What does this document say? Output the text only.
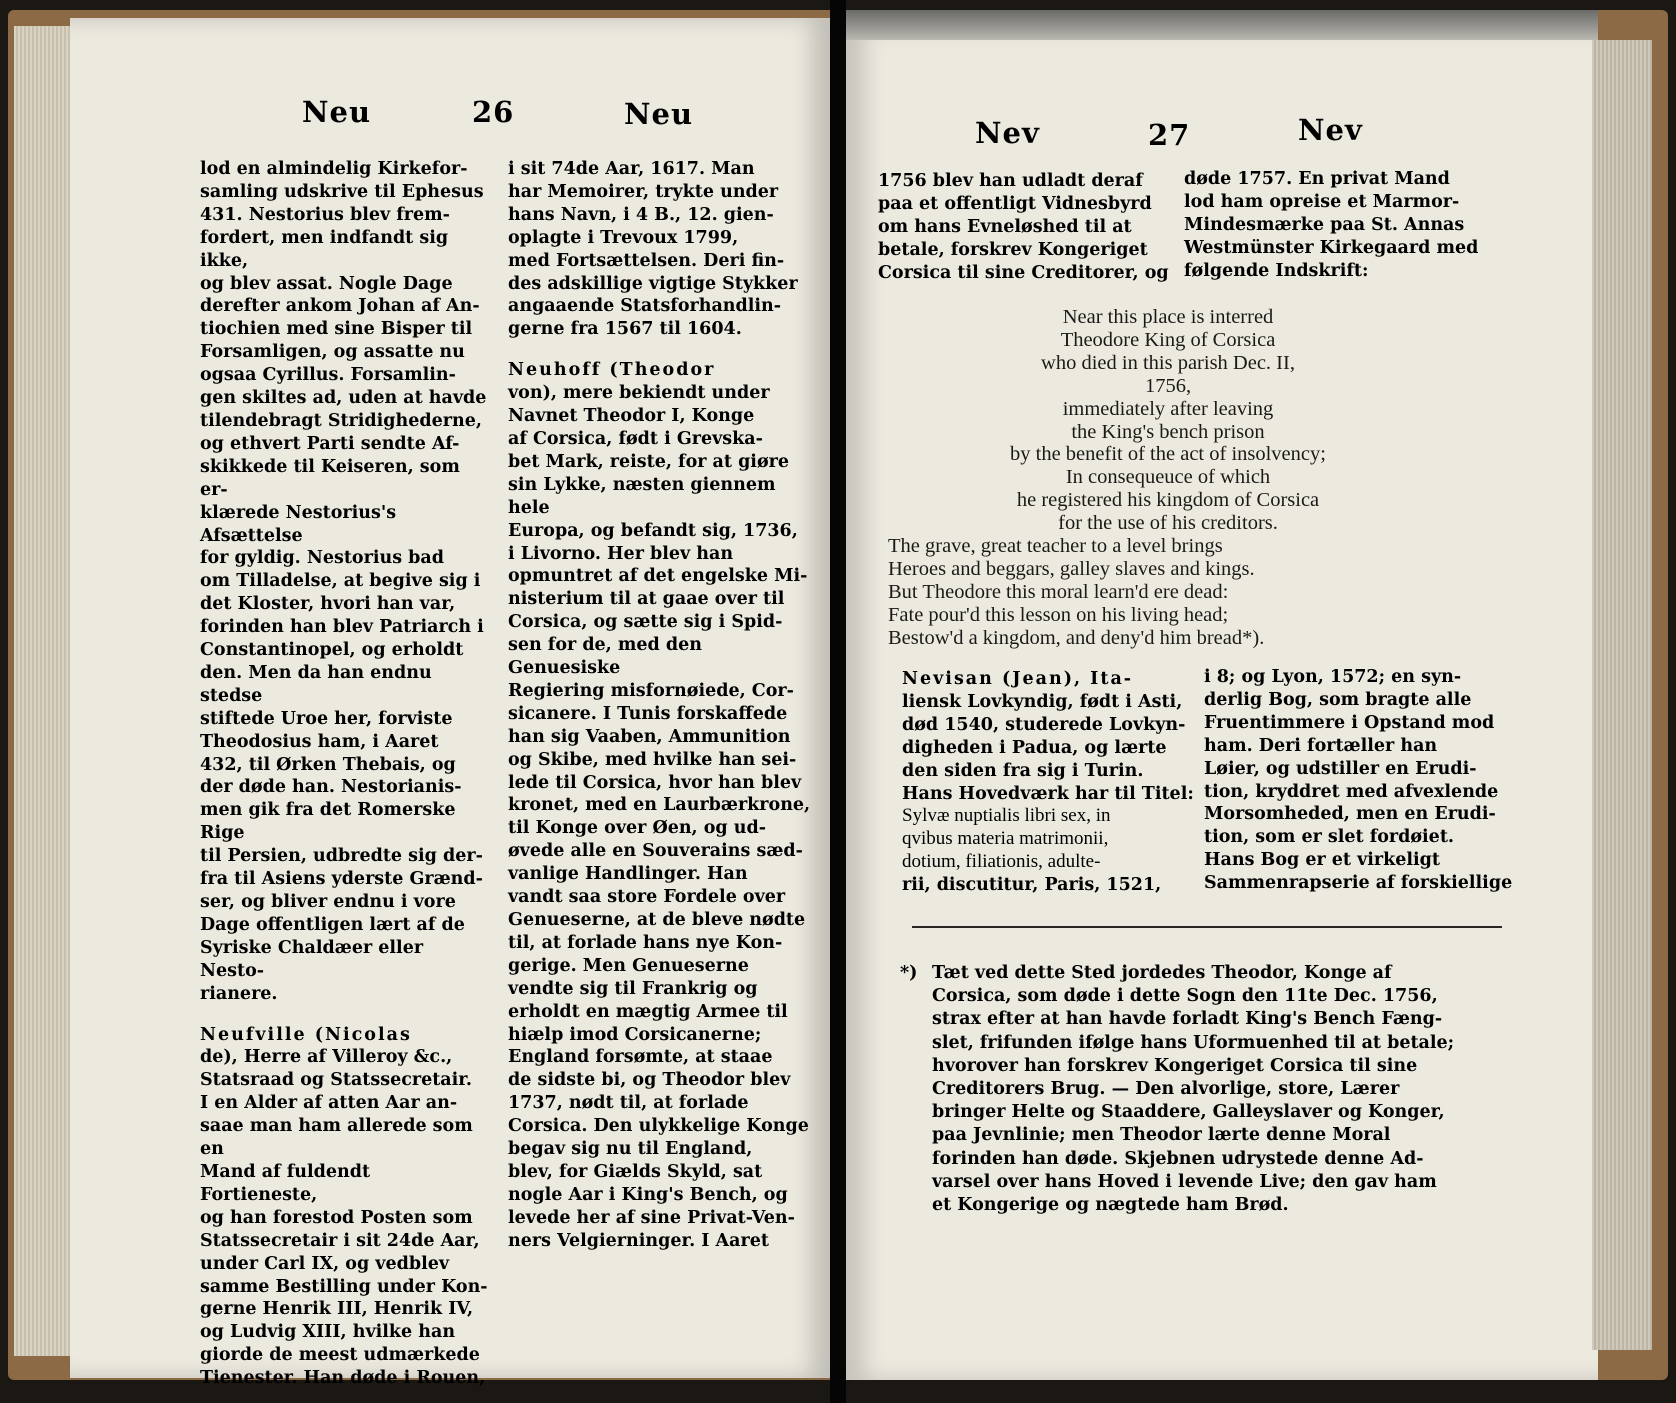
Neu	26	Neu

lod en almindelig Kirkefor-

samling udskrive til Ephesus

431. Nestorius blev frem-

fordert, men indfandt sig ikke,

og blev assat. Nogle Dage

derefter ankom Johan af An-

tiochien med sine Bisper til

Forsamligen, og assatte nu

ogsaa Cyrillus. Forsamlin-

gen skiltes ad, uden at havde

tilendebragt Stridighederne,

og ethvert Parti sendte Af-

skikkede til Keiseren, som er-

klærede Nestorius's Afsættelse

for gyldig. Nestorius bad

om Tilladelse, at begive sig i

det Kloster, hvori han var,

forinden han blev Patriarch i

Constantinopel, og erholdt

den. Men da han endnu stedse

stiftede Uroe her, forviste

Theodosius ham, i Aaret

432, til Ørken Thebais, og

der døde han. Nestorianis-

men gik fra det Romerske Rige

til Persien, udbredte sig der-

fra til Asiens yderste Grænd-

ser, og bliver endnu i vore

Dage offentligen lært af de

Syriske Chaldæer eller Nesto-

rianere.

Neufville (Nicolas

de), Herre af Villeroy &c.,

Statsraad og Statssecretair.

I en Alder af atten Aar an-

saae man ham allerede som en

Mand af fuldendt Fortieneste,

og han forestod Posten som

Statssecretair i sit 24de Aar,

under Carl IX, og vedblev

samme Bestilling under Kon-

gerne Henrik III, Henrik IV,

og Ludvig XIII, hvilke han

giorde de meest udmærkede

Tienester. Han døde i Rouen,

i sit 74de Aar, 1617. Man

har Memoirer, trykte under

hans Navn, i 4 B., 12. gien-

oplagte i Trevoux 1799,

med Fortsættelsen. Deri fin-

des adskillige vigtige Stykker

angaaende Statsforhandlin-

gerne fra 1567 til 1604.

Neuhoff (Theodor

von), mere bekiendt under

Navnet Theodor I, Konge

af Corsica, født i Grevska-

bet Mark, reiste, for at giøre

sin Lykke, næsten giennem hele

Europa, og befandt sig, 1736,

i Livorno. Her blev han

opmuntret af det engelske Mi-

nisterium til at gaae over til

Corsica, og sætte sig i Spid-

sen for de, med den Genuesiske

Regiering misfornøiede, Cor-

sicanere. I Tunis forskaffede

han sig Vaaben, Ammunition

og Skibe, med hvilke han sei-

lede til Corsica, hvor han blev

kronet, med en Laurbærkrone,

til Konge over Øen, og ud-

øvede alle en Souverains sæd-

vanlige Handlinger. Han

vandt saa store Fordele over

Genueserne, at de bleve nødte

til, at forlade hans nye Kon-

gerige. Men Genueserne

vendte sig til Frankrig og

erholdt en mægtig Armee til

hiælp imod Corsicanerne;

England forsømte, at staae

de sidste bi, og Theodor blev

1737, nødt til, at forlade

Corsica. Den ulykkelige Konge

begav sig nu til England,

blev, for Giælds Skyld, sat

nogle Aar i King's Bench, og

levede her af sine Privat-Ven-

ners Velgierninger. I Aaret

Nev	27	Nev

1756 blev han udladt deraf

paa et offentligt Vidnesbyrd

om hans Evneløshed til at

betale, forskrev Kongeriget

Corsica til sine Creditorer, og

døde 1757. En privat Mand

lod ham opreise et Marmor-

Mindesmærke paa St. Annas

Westmünster Kirkegaard med

følgende Indskrift:

Near this place is interred
Theodore King of Corsica
who died in this parish Dec. II,
1756,
immediately after leaving
the King's bench prison
by the benefit of the act of insolvency;
In consequeuce of which
he registered his kingdom of Corsica
for the use of his creditors.
The grave, great teacher to a level brings
Heroes and beggars, galley slaves and kings.
But Theodore this moral learn'd ere dead:
Fate pour'd this lesson on his living head;
Bestow'd a kingdom, and deny'd him bread*).

Nevisan (Jean), Ita-

liensk Lovkyndig, født i Asti,

død 1540, studerede Lovkyn-

digheden i Padua, og lærte

den siden fra sig i Turin.

Hans Hovedværk har til Titel:

Sylvæ nuptialis libri sex, in

qvibus materia matrimonii,

dotium, filiationis, adulte-

rii, discutitur, Paris, 1521,

i 8; og Lyon, 1572; en syn-

derlig Bog, som bragte alle

Fruentimmere i Opstand mod

ham. Deri fortæller han

Løier, og udstiller en Erudi-

tion, kryddret med afvexlende

Morsomheded, men en Erudi-

tion, som er slet fordøiet.

Hans Bog er et virkeligt

Sammenrapserie af forskiellige

*) Tæt ved dette Sted jordedes Theodor, Konge af

Corsica, som døde i dette Sogn den 11te Dec. 1756,

strax efter at han havde forladt King's Bench Fæng-

slet, frifunden ifølge hans Uformuenhed til at betale;

hvorover han forskrev Kongeriget Corsica til sine

Creditorers Brug. — Den alvorlige, store, Lærer

bringer Helte og Staaddere, Galleyslaver og Konger,

paa Jevnlinie; men Theodor lærte denne Moral

forinden han døde. Skjebnen udrystede denne Ad-

varsel over hans Hoved i levende Live; den gav ham

et Kongerige og nægtede ham Brød.
